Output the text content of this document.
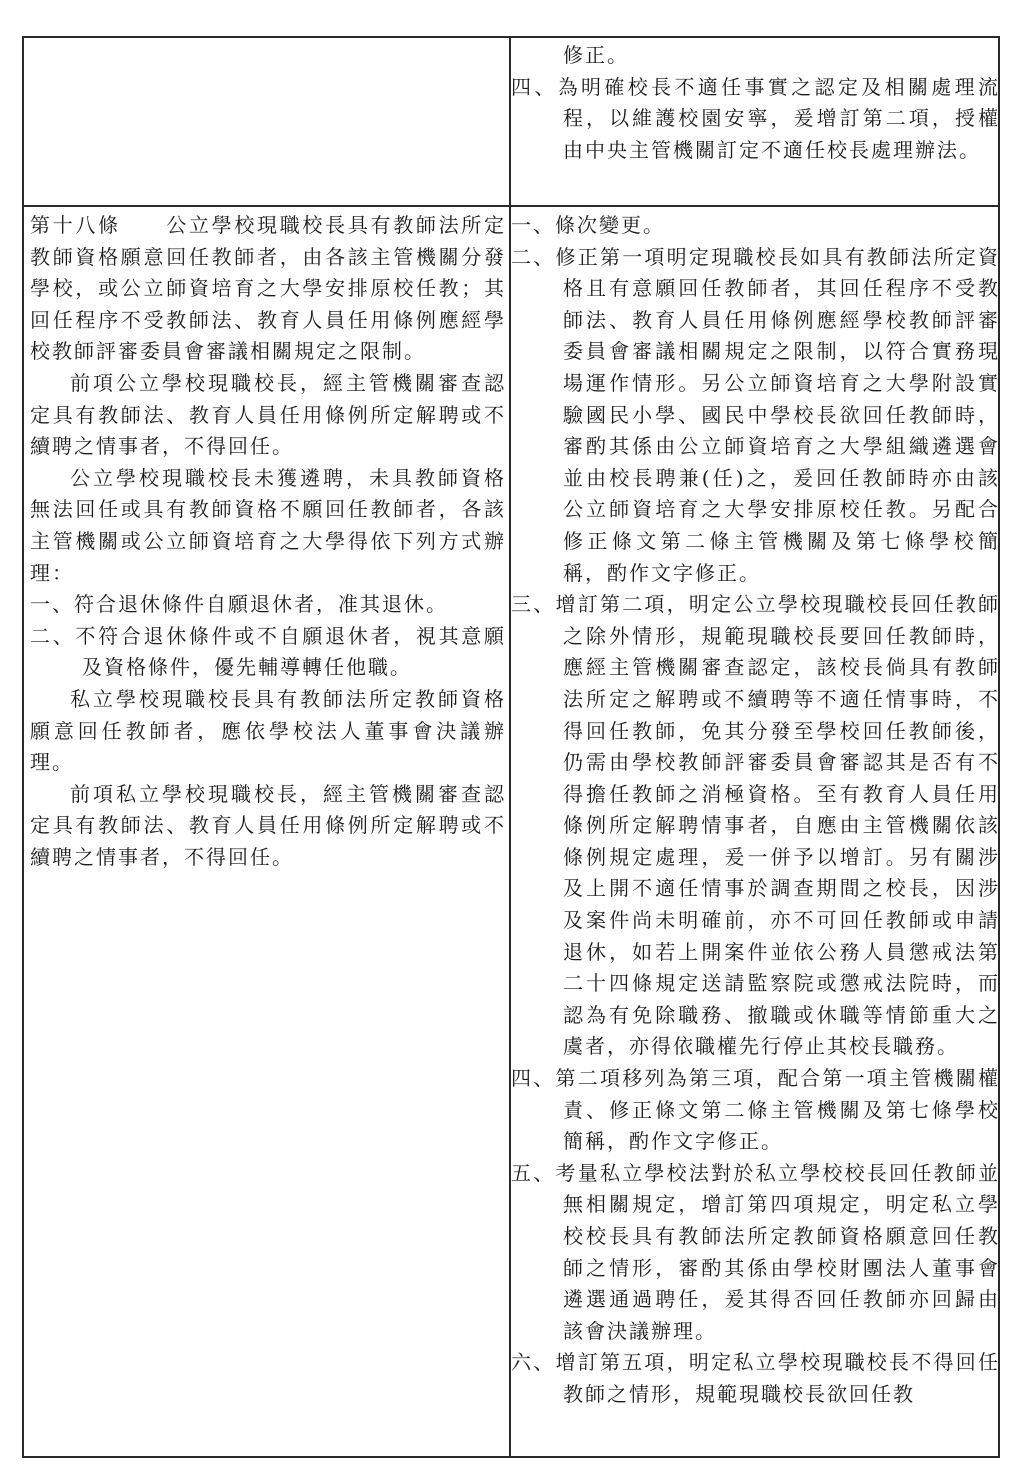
修正。

四、為明確校長不適任事實之認定及相關處理流程，以維護校園安寧，爰增訂第二項，授權由中央主管機關訂定不適任校長處理辦法。

第十八條　　 公立學校現職校長具有教師法所定教師資格願意回任教師者，由各該主管機關分發學校，或公立師資培育之大學安排原校任教；其回任程序不受教師法、教育人員任用條例應經學校教師評審委員會審議相關規定之限制。

前項公立學校現職校長，經主管機關審查認定具有教師法、教育人員任用條例所定解聘或不續聘之情事者，不得回任。

公立學校現職校長未獲遴聘，未具教師資格無法回任或具有教師資格不願回任教師者，各該主管機關或公立師資培育之大學得依下列方式辦理：

一、符合退休條件自願退休者，准其退休。

二、不符合退休條件或不自願退休者，視其意願及資格條件，優先輔導轉任他職。

私立學校現職校長具有教師法所定教師資格願意回任教師者，應依學校法人董事會決議辦理。

前項私立學校現職校長，經主管機關審查認定具有教師法、教育人員任用條例所定解聘或不續聘之情事者，不得回任。

一、條次變更。

二、修正第一項明定現職校長如具有教師法所定資格且有意願回任教師者，其回任程序不受教師法、教育人員任用條例應經學校教師評審委員會審議相關規定之限制，以符合實務現場運作情形。另公立師資培育之大學附設實驗國民小學、國民中學校長欲回任教師時，審酌其係由公立師資培育之大學組織遴選會並由校長聘兼(任)之，爰回任教師時亦由該公立師資培育之大學安排原校任教。另配合修正條文第二條主管機關及第七條學校簡稱，酌作文字修正。

三、增訂第二項，明定公立學校現職校長回任教師之除外情形，規範現職校長要回任教師時，應經主管機關審查認定，該校長倘具有教師法所定之解聘或不續聘等不適任情事時，不得回任教師，免其分發至學校回任教師後，仍需由學校教師評審委員會審認其是否有不得擔任教師之消極資格。至有教育人員任用條例所定解聘情事者，自應由主管機關依該條例規定處理，爰一併予以增訂。另有關涉及上開不適任情事於調查期間之校長，因涉及案件尚未明確前，亦不可回任教師或申請退休，如若上開案件並依公務人員懲戒法第二十四條規定送請監察院或懲戒法院時，而認為有免除職務、撤職或休職等情節重大之虞者，亦得依職權先行停止其校長職務。

四、第二項移列為第三項，配合第一項主管機關權責、修正條文第二條主管機關及第七條學校簡稱，酌作文字修正。

五、考量私立學校法對於私立學校校長回任教師並無相關規定，增訂第四項規定，明定私立學校校長具有教師法所定教師資格願意回任教師之情形，審酌其係由學校財團法人董事會遴選通過聘任，爰其得否回任教師亦回歸由該會決議辦理。

六、增訂第五項，明定私立學校現職校長不得回任教師之情形，規範現職校長欲回任教
